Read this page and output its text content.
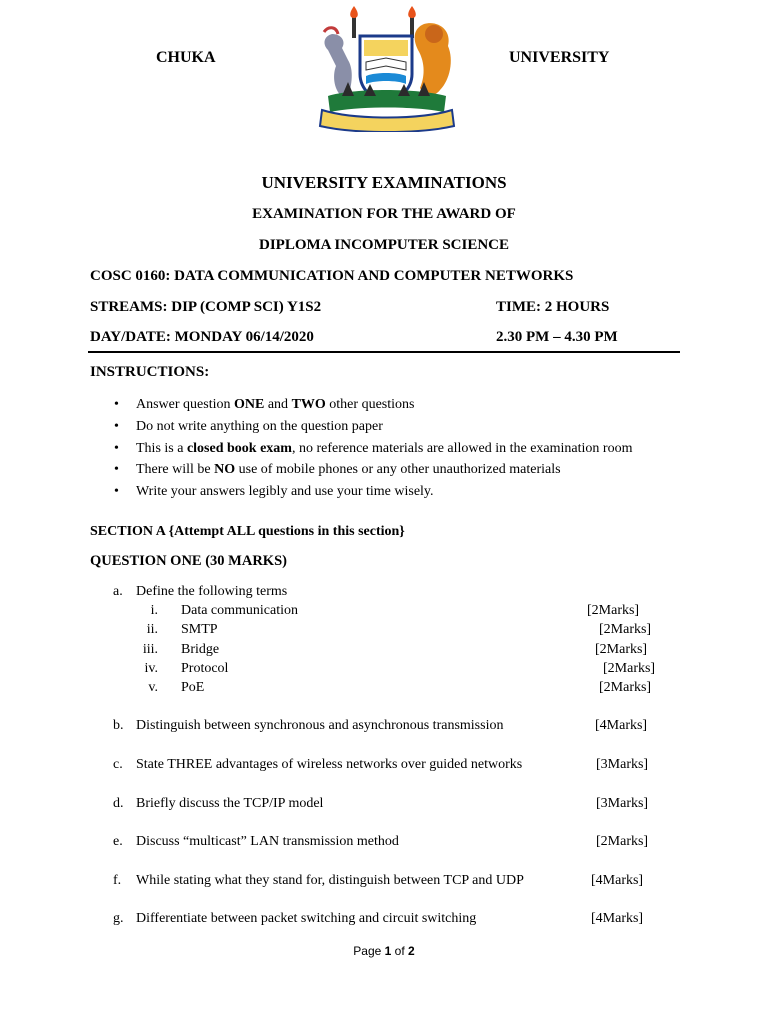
CHUKA	UNIVERSITY
UNIVERSITY EXAMINATIONS
EXAMINATION FOR THE AWARD OF
DIPLOMA INCOMPUTER SCIENCE
COSC 0160: DATA COMMUNICATION AND COMPUTER NETWORKS
STREAMS: DIP (COMP SCI) Y1S2	TIME: 2 HOURS
DAY/DATE: MONDAY 06/14/2020	2.30 PM – 4.30 PM
INSTRUCTIONS:
• Answer question ONE and TWO other questions
• Do not write anything on the question paper
• This is a closed book exam, no reference materials are allowed in the examination room
• There will be NO use of mobile phones or any other unauthorized materials
• Write your answers legibly and use your time wisely.
SECTION A {Attempt ALL questions in this section}
QUESTION ONE (30 MARKS)
a. Define the following terms
i. Data communication	[2Marks]
ii. SMTP	[2Marks]
iii. Bridge	[2Marks]
iv. Protocol	[2Marks]
v. PoE	[2Marks]
b. Distinguish between synchronous and asynchronous transmission	[4Marks]
c. State THREE advantages of wireless networks over guided networks	[3Marks]
d. Briefly discuss the TCP/IP model	[3Marks]
e. Discuss “multicast” LAN transmission method	[2Marks]
f. While stating what they stand for, distinguish between TCP and UDP	[4Marks]
g. Differentiate between packet switching and circuit switching	[4Marks]
Page 1 of 2
